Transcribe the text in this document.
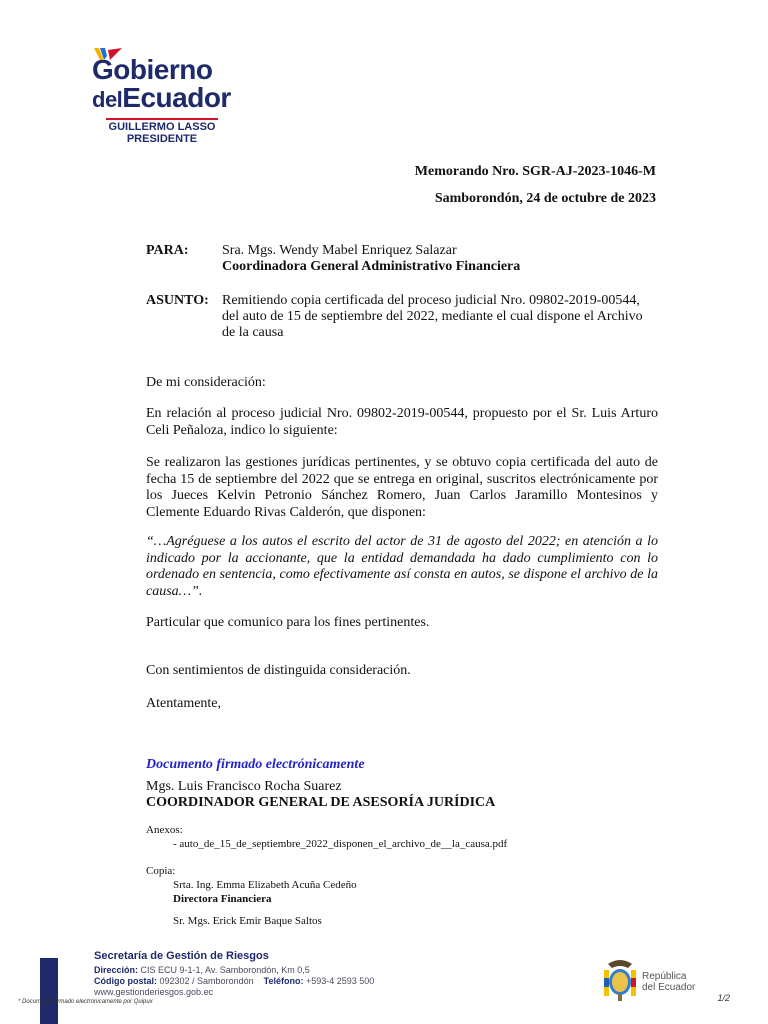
Gobierno
delEcuador
GUILLERMO LASSO
PRESIDENTE
Memorando Nro. SGR-AJ-2023-1046-M
Samborondón, 24 de octubre de 2023
PARA: Sra. Mgs. Wendy Mabel Enriquez Salazar
Coordinadora General Administrativo Financiera
ASUNTO: Remitiendo copia certificada del proceso judicial Nro. 09802-2019-00544,
del auto de 15 de septiembre del 2022, mediante el cual dispone el Archivo
de la causa
De mi consideración:
En relación al proceso judicial Nro. 09802-2019-00544, propuesto por el Sr. Luis Arturo Celi Peñaloza, indico lo siguiente:
Se realizaron las gestiones jurídicas pertinentes, y se obtuvo copia certificada del auto de fecha 15 de septiembre del 2022 que se entrega en original, suscritos electrónicamente por los Jueces Kelvin Petronio Sánchez Romero, Juan Carlos Jaramillo Montesinos y Clemente Eduardo Rivas Calderón, que disponen:
“…Agréguese a los autos el escrito del actor de 31 de agosto del 2022; en atención a lo indicado por la accionante, que la entidad demandada ha dado cumplimiento con lo ordenado en sentencia, como efectivamente así consta en autos, se dispone el archivo de la causa…”.
Particular que comunico para los fines pertinentes.
Con sentimientos de distinguida consideración.
Atentamente,
Documento firmado electrónicamente
Mgs. Luis Francisco Rocha Suarez
COORDINADOR GENERAL DE ASESORÍA JURÍDICA
Anexos:
- auto_de_15_de_septiembre_2022_disponen_el_archivo_de__la_causa.pdf
Copia:
Srta. Ing. Emma Elizabeth Acuña Cedeño
Directora Financiera
Sr. Mgs. Erick Emir Baque Saltos
Secretaría de Gestión de Riesgos
Dirección: CIS ECU 9-1-1, Av. Samborondón, Km 0,5
Código postal: 092302 / Samborondón Teléfono: +593-4 2593 500
www.gestionderiesgos.gob.ec
República
del Ecuador
1/2
* Documento firmado electrónicamente por Quipux
